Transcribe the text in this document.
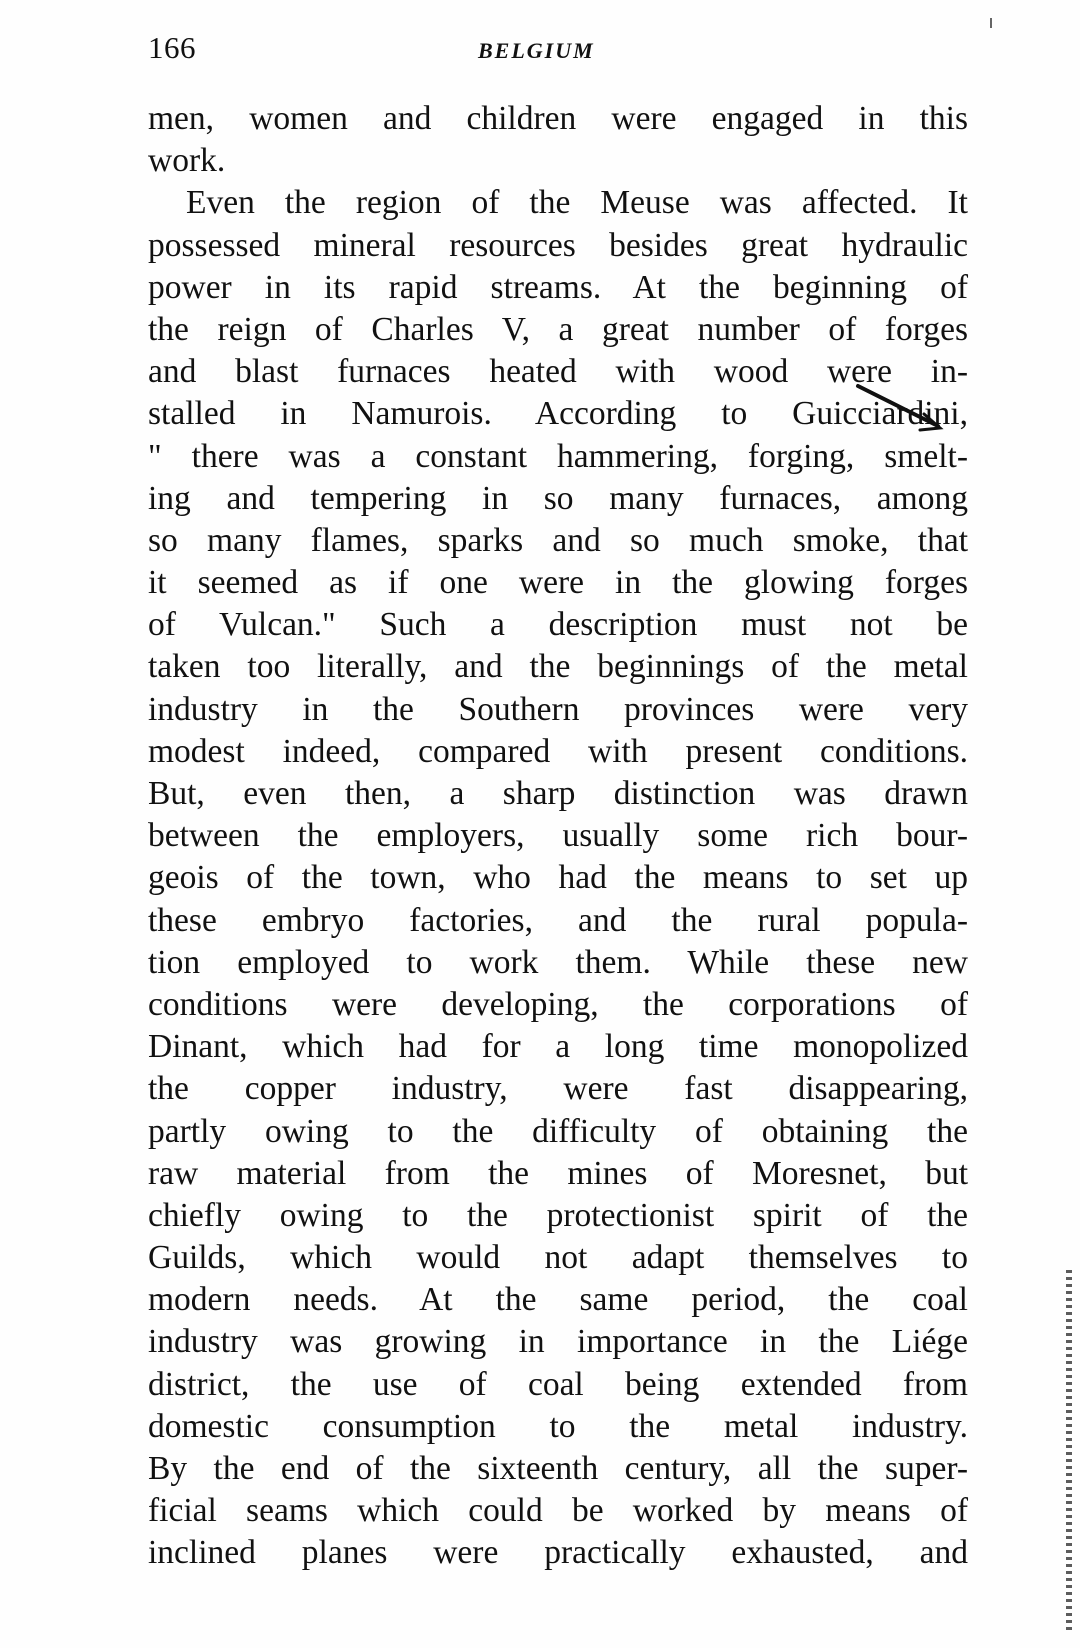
166	BELGIUM
men, women and children were engaged in this
work.
Even the region of the Meuse was affected. It
possessed mineral resources besides great hydraulic
power in its rapid streams. At the beginning of
the reign of Charles V, a great number of forges
and blast furnaces heated with wood were in-
stalled in Namurois. According to Guicciardini,
" there was a constant hammering, forging, smelt-
ing and tempering in so many furnaces, among
so many flames, sparks and so much smoke, that
it seemed as if one were in the glowing forges
of Vulcan." Such a description must not be
taken too literally, and the beginnings of the metal
industry in the Southern provinces were very
modest indeed, compared with present conditions.
But, even then, a sharp distinction was drawn
between the employers, usually some rich bour-
geois of the town, who had the means to set up
these embryo factories, and the rural popula-
tion employed to work them. While these new
conditions were developing, the corporations of
Dinant, which had for a long time monopolized
the copper industry, were fast disappearing,
partly owing to the difficulty of obtaining the
raw material from the mines of Moresnet, but
chiefly owing to the protectionist spirit of the
Guilds, which would not adapt themselves to
modern needs. At the same period, the coal
industry was growing in importance in the Liége
district, the use of coal being extended from
domestic consumption to the metal industry.
By the end of the sixteenth century, all the super-
ficial seams which could be worked by means of
inclined planes were practically exhausted, and
